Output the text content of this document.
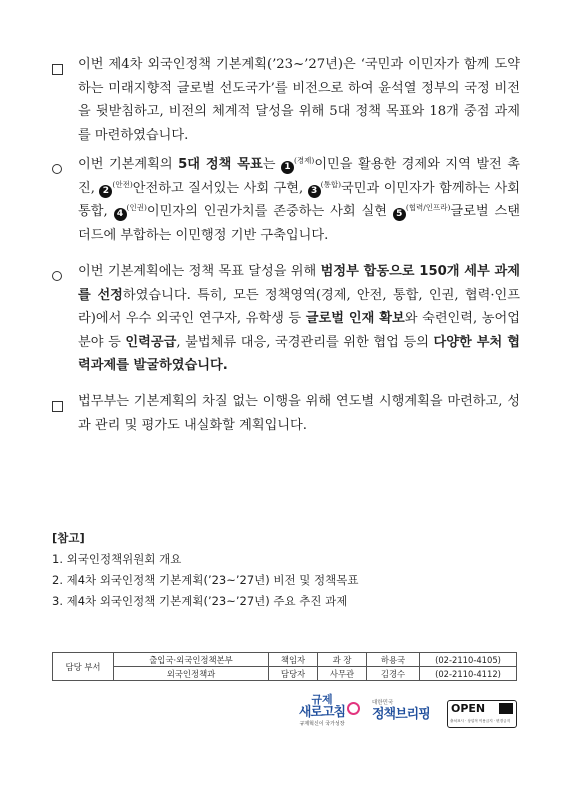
이번 제4차 외국인정책 기본계획(’23~’27년)은 ‘국민과 이민자가 함께 도약하는 미래지향적 글로벌 선도국가’를 비전으로 하여 윤석열 정부의 국정 비전을 뒷받침하고, 비전의 체계적 달성을 위해 5대 정책 목표와 18개 중점 과제를 마련하였습니다.
이번 기본계획의 5대 정책 목표는 $1^{(경제)}$이민을 활용한 경제와 지역 발전 촉진, $2^{(안전)}$안전하고 질서있는 사회 구현, $3^{(통합)}$국민과 이민자가 함께하는 사회통합, $4^{(인권)}$이민자의 인권가치를 존중하는 사회 실현 $5^{(협력/인프라)}$글로벌 스탠더드에 부합하는 이민행정 기반 구축입니다.
이번 기본계획에는 정책 목표 달성을 위해 범정부 합동으로 150개 세부 과제를 선정하였습니다. 특히, 모든 정책영역(경제, 안전, 통합, 인권, 협력·인프라)에서 우수 외국인 연구자, 유학생 등 글로벌 인재 확보와 숙련인력, 농어업 분야 등 인력공급, 불법체류 대응, 국경관리를 위한 협업 등의 다양한 부처 협력과제를 발굴하였습니다.
법무부는 기본계획의 차질 없는 이행을 위해 연도별 시행계획을 마련하고, 성과 관리 및 평가도 내실화할 계획입니다.
[참고]
1. 외국인정책위원회 개요
2. 제4차 외국인정책 기본계획(’23~’27년) 비전 및 정책목표
3. 제4차 외국인정책 기본계획(’23~’27년) 주요 추진 과제
담당 부서	출입국·외국인정책본부	책임자	과 장	하용국	(02-2110-4105)
	외국인정책과	담당자	사무관	김경수	(02-2110-4112)
규제
새로고침
규제혁신이 국가성장
대한민국
정책브리핑	OPEN
출처표시 · 상업적 이용금지 · 변경금지
